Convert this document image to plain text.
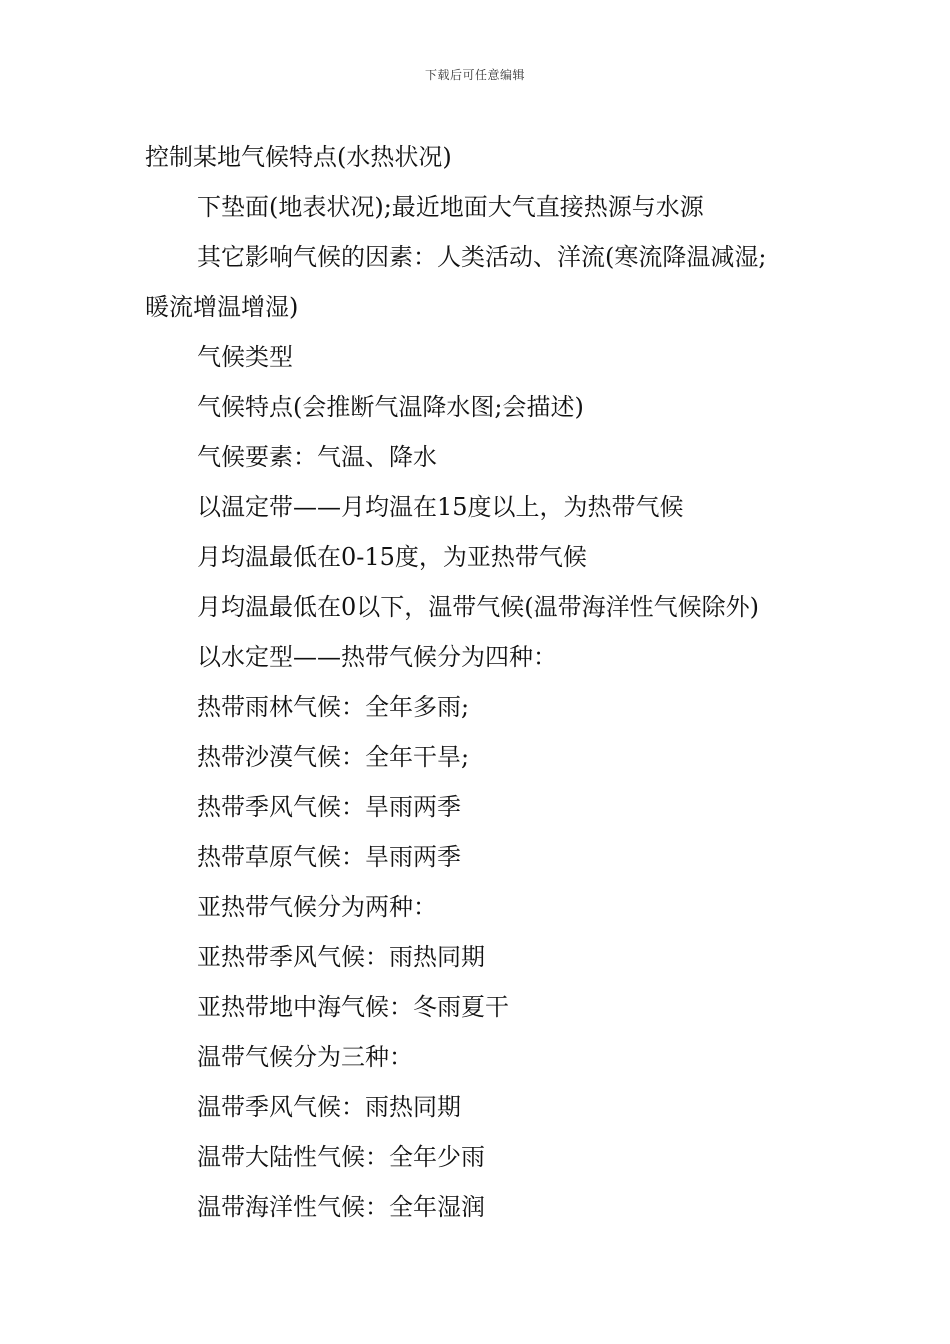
下载后可任意编辑
控制某地气候特点(水热状况)
下垫面(地表状况);最近地面大气直接热源与水源
其它影响气候的因素：人类活动、洋流(寒流降温减湿;
暖流增温增湿)
气候类型
气候特点(会推断气温降水图;会描述)
气候要素：气温、降水
以温定带——月均温在15度以上，为热带气候
月均温最低在0-15度，为亚热带气候
月均温最低在0以下，温带气候(温带海洋性气候除外)
以水定型——热带气候分为四种：
热带雨林气候：全年多雨;
热带沙漠气候：全年干旱;
热带季风气候：旱雨两季
热带草原气候：旱雨两季
亚热带气候分为两种：
亚热带季风气候：雨热同期
亚热带地中海气候：冬雨夏干
温带气候分为三种：
温带季风气候：雨热同期
温带大陆性气候：全年少雨
温带海洋性气候：全年湿润
